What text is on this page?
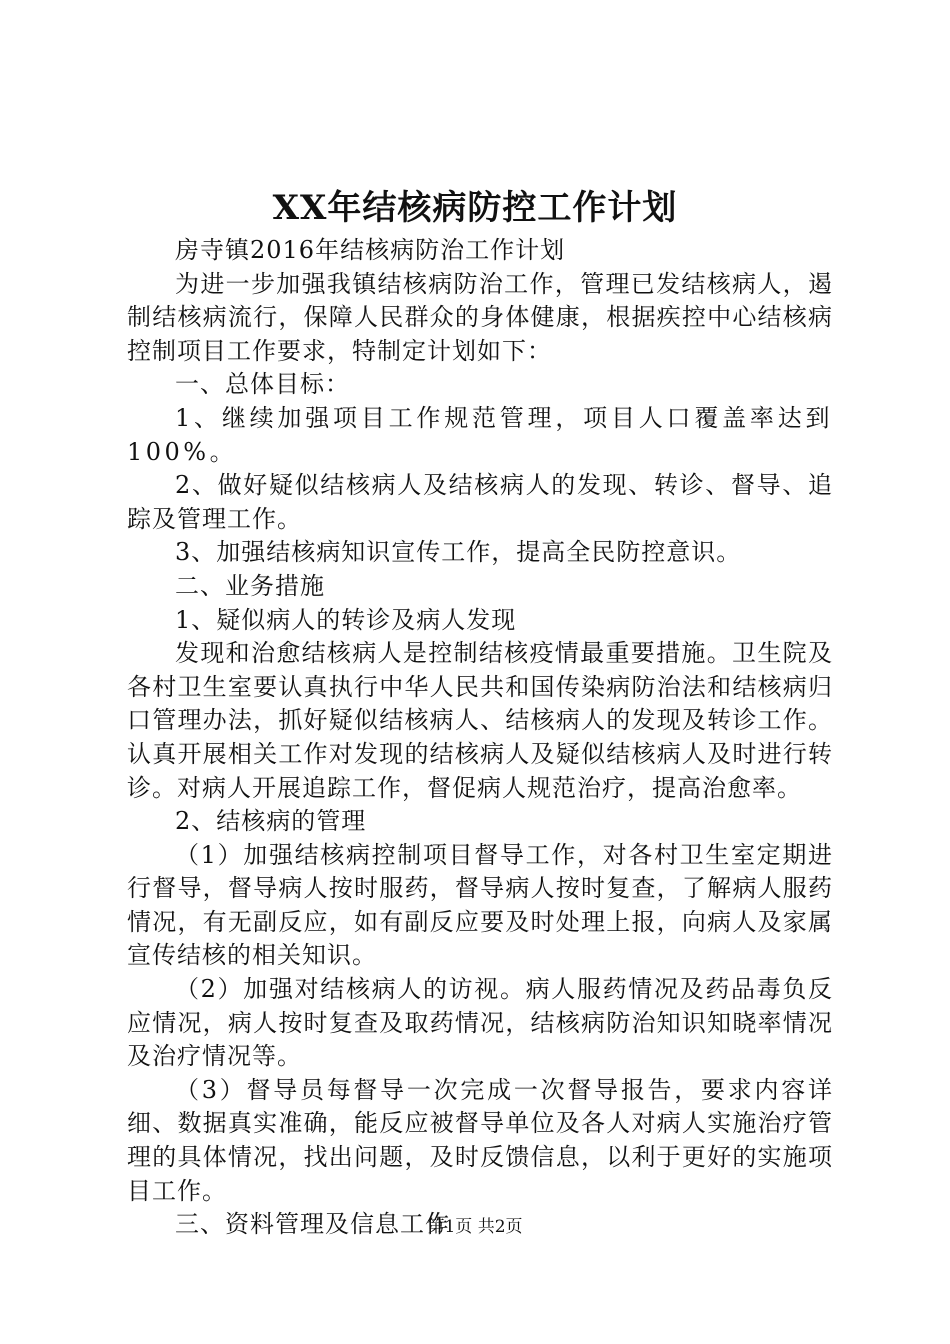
XX年结核病防控工作计划

房寺镇2016年结核病防治工作计划

为进一步加强我镇结核病防治工作，管理已发结核病人，遏制结核病流行，保障人民群众的身体健康，根据疾控中心结核病控制项目工作要求，特制定计划如下：

一、总体目标：

1、继续加强项目工作规范管理，项目人口覆盖率达到100%。

2、做好疑似结核病人及结核病人的发现、转诊、督导、追踪及管理工作。

3、加强结核病知识宣传工作，提高全民防控意识。

二、业务措施

1、疑似病人的转诊及病人发现

发现和治愈结核病人是控制结核疫情最重要措施。卫生院及各村卫生室要认真执行中华人民共和国传染病防治法和结核病归口管理办法，抓好疑似结核病人、结核病人的发现及转诊工作。认真开展相关工作对发现的结核病人及疑似结核病人及时进行转诊。对病人开展追踪工作，督促病人规范治疗，提高治愈率。

2、结核病的管理

（1）加强结核病控制项目督导工作，对各村卫生室定期进行督导，督导病人按时服药，督导病人按时复查，了解病人服药情况，有无副反应，如有副反应要及时处理上报，向病人及家属宣传结核的相关知识。

（2）加强对结核病人的访视。病人服药情况及药品毒负反应情况，病人按时复查及取药情况，结核病防治知识知晓率情况及治疗情况等。

（3）督导员每督导一次完成一次督导报告，要求内容详细、数据真实准确，能反应被督导单位及各人对病人实施治疗管理的具体情况，找出问题，及时反馈信息，以利于更好的实施项目工作。

三、资料管理及信息工作

第1页 共2页
